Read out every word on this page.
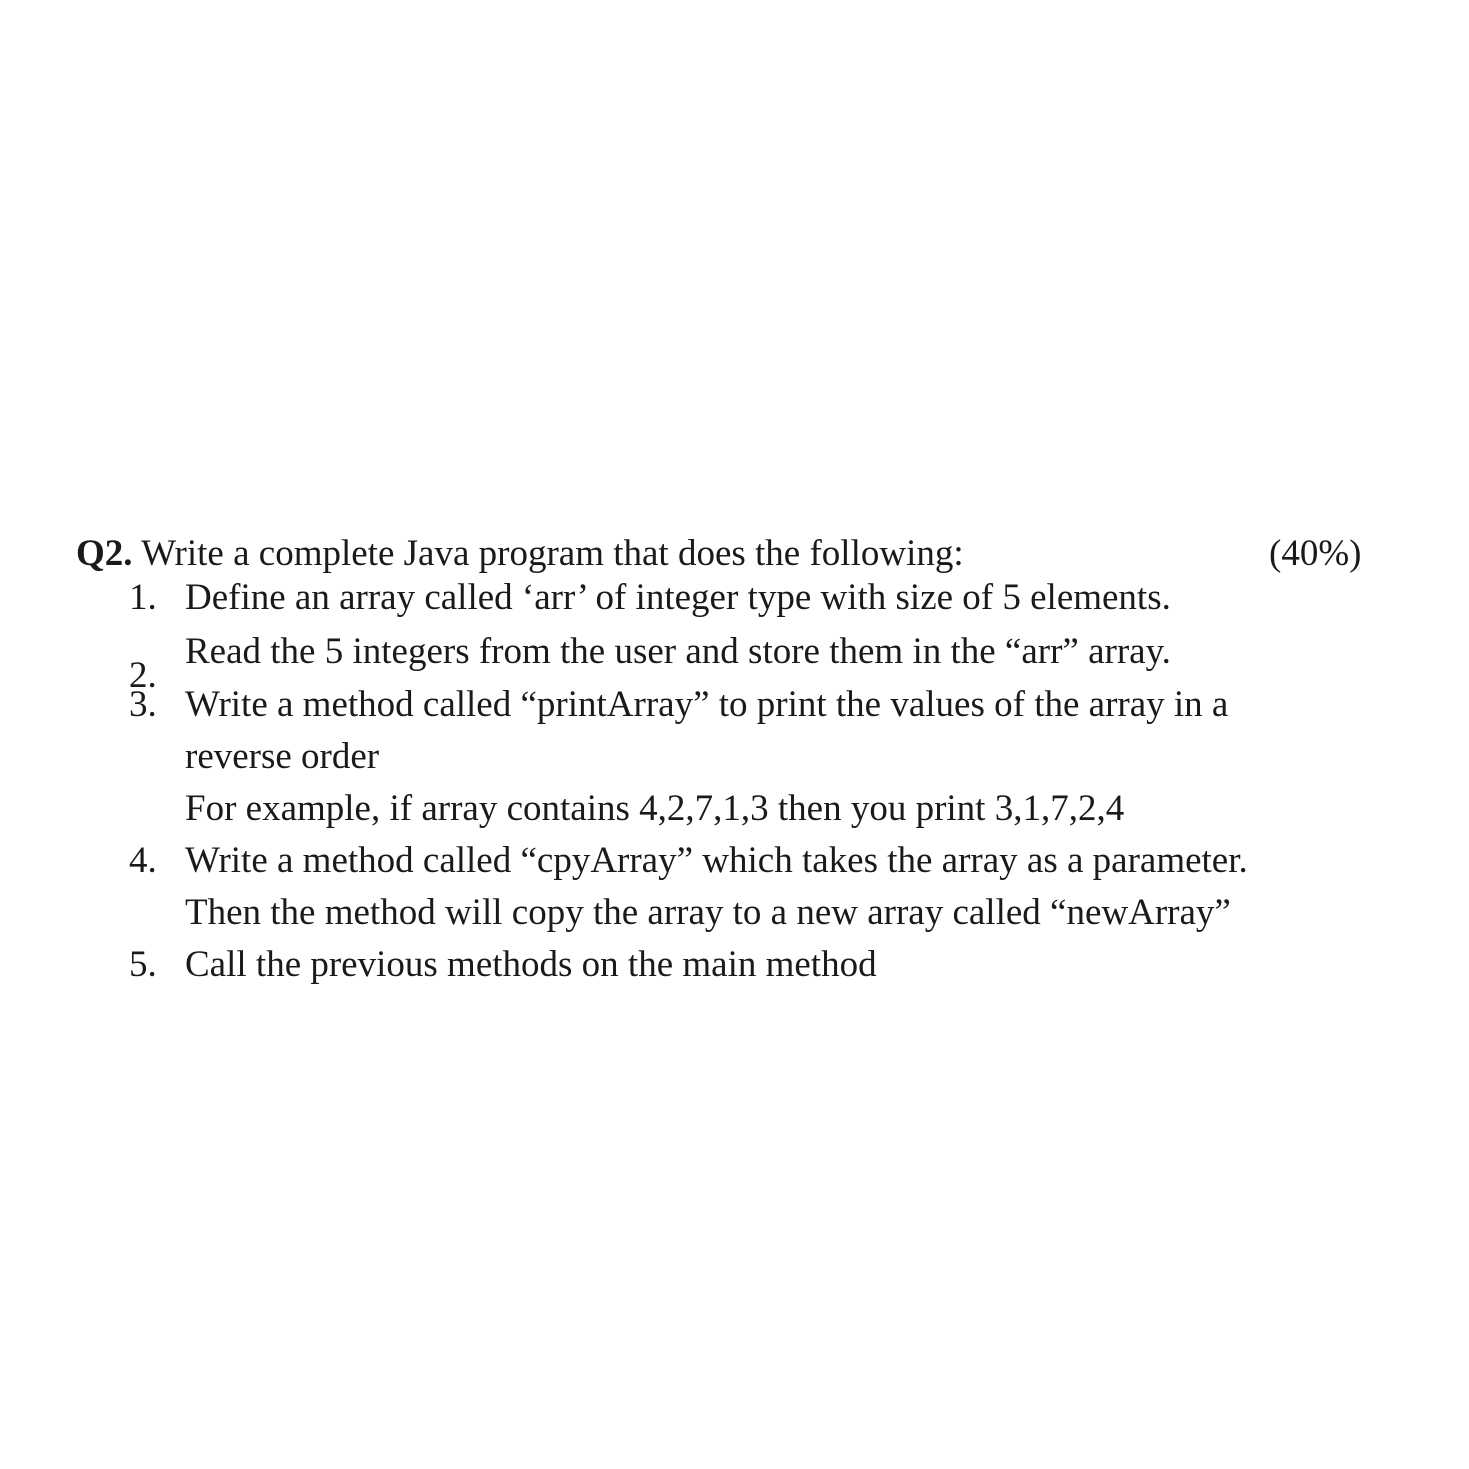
Q2. Write a complete Java program that does the following:	(40%)
1. Define an array called ‘arr’ of integer type with size of 5 elements.
2.
Read the 5 integers from the user and store them in the “arr” array.
3. Write a method called “printArray” to print the values of the array in a
reverse order
For example, if array contains 4,2,7,1,3 then you print 3,1,7,2,4
4. Write a method called “cpyArray” which takes the array as a parameter.
Then the method will copy the array to a new array called “newArray”
5. Call the previous methods on the main method
